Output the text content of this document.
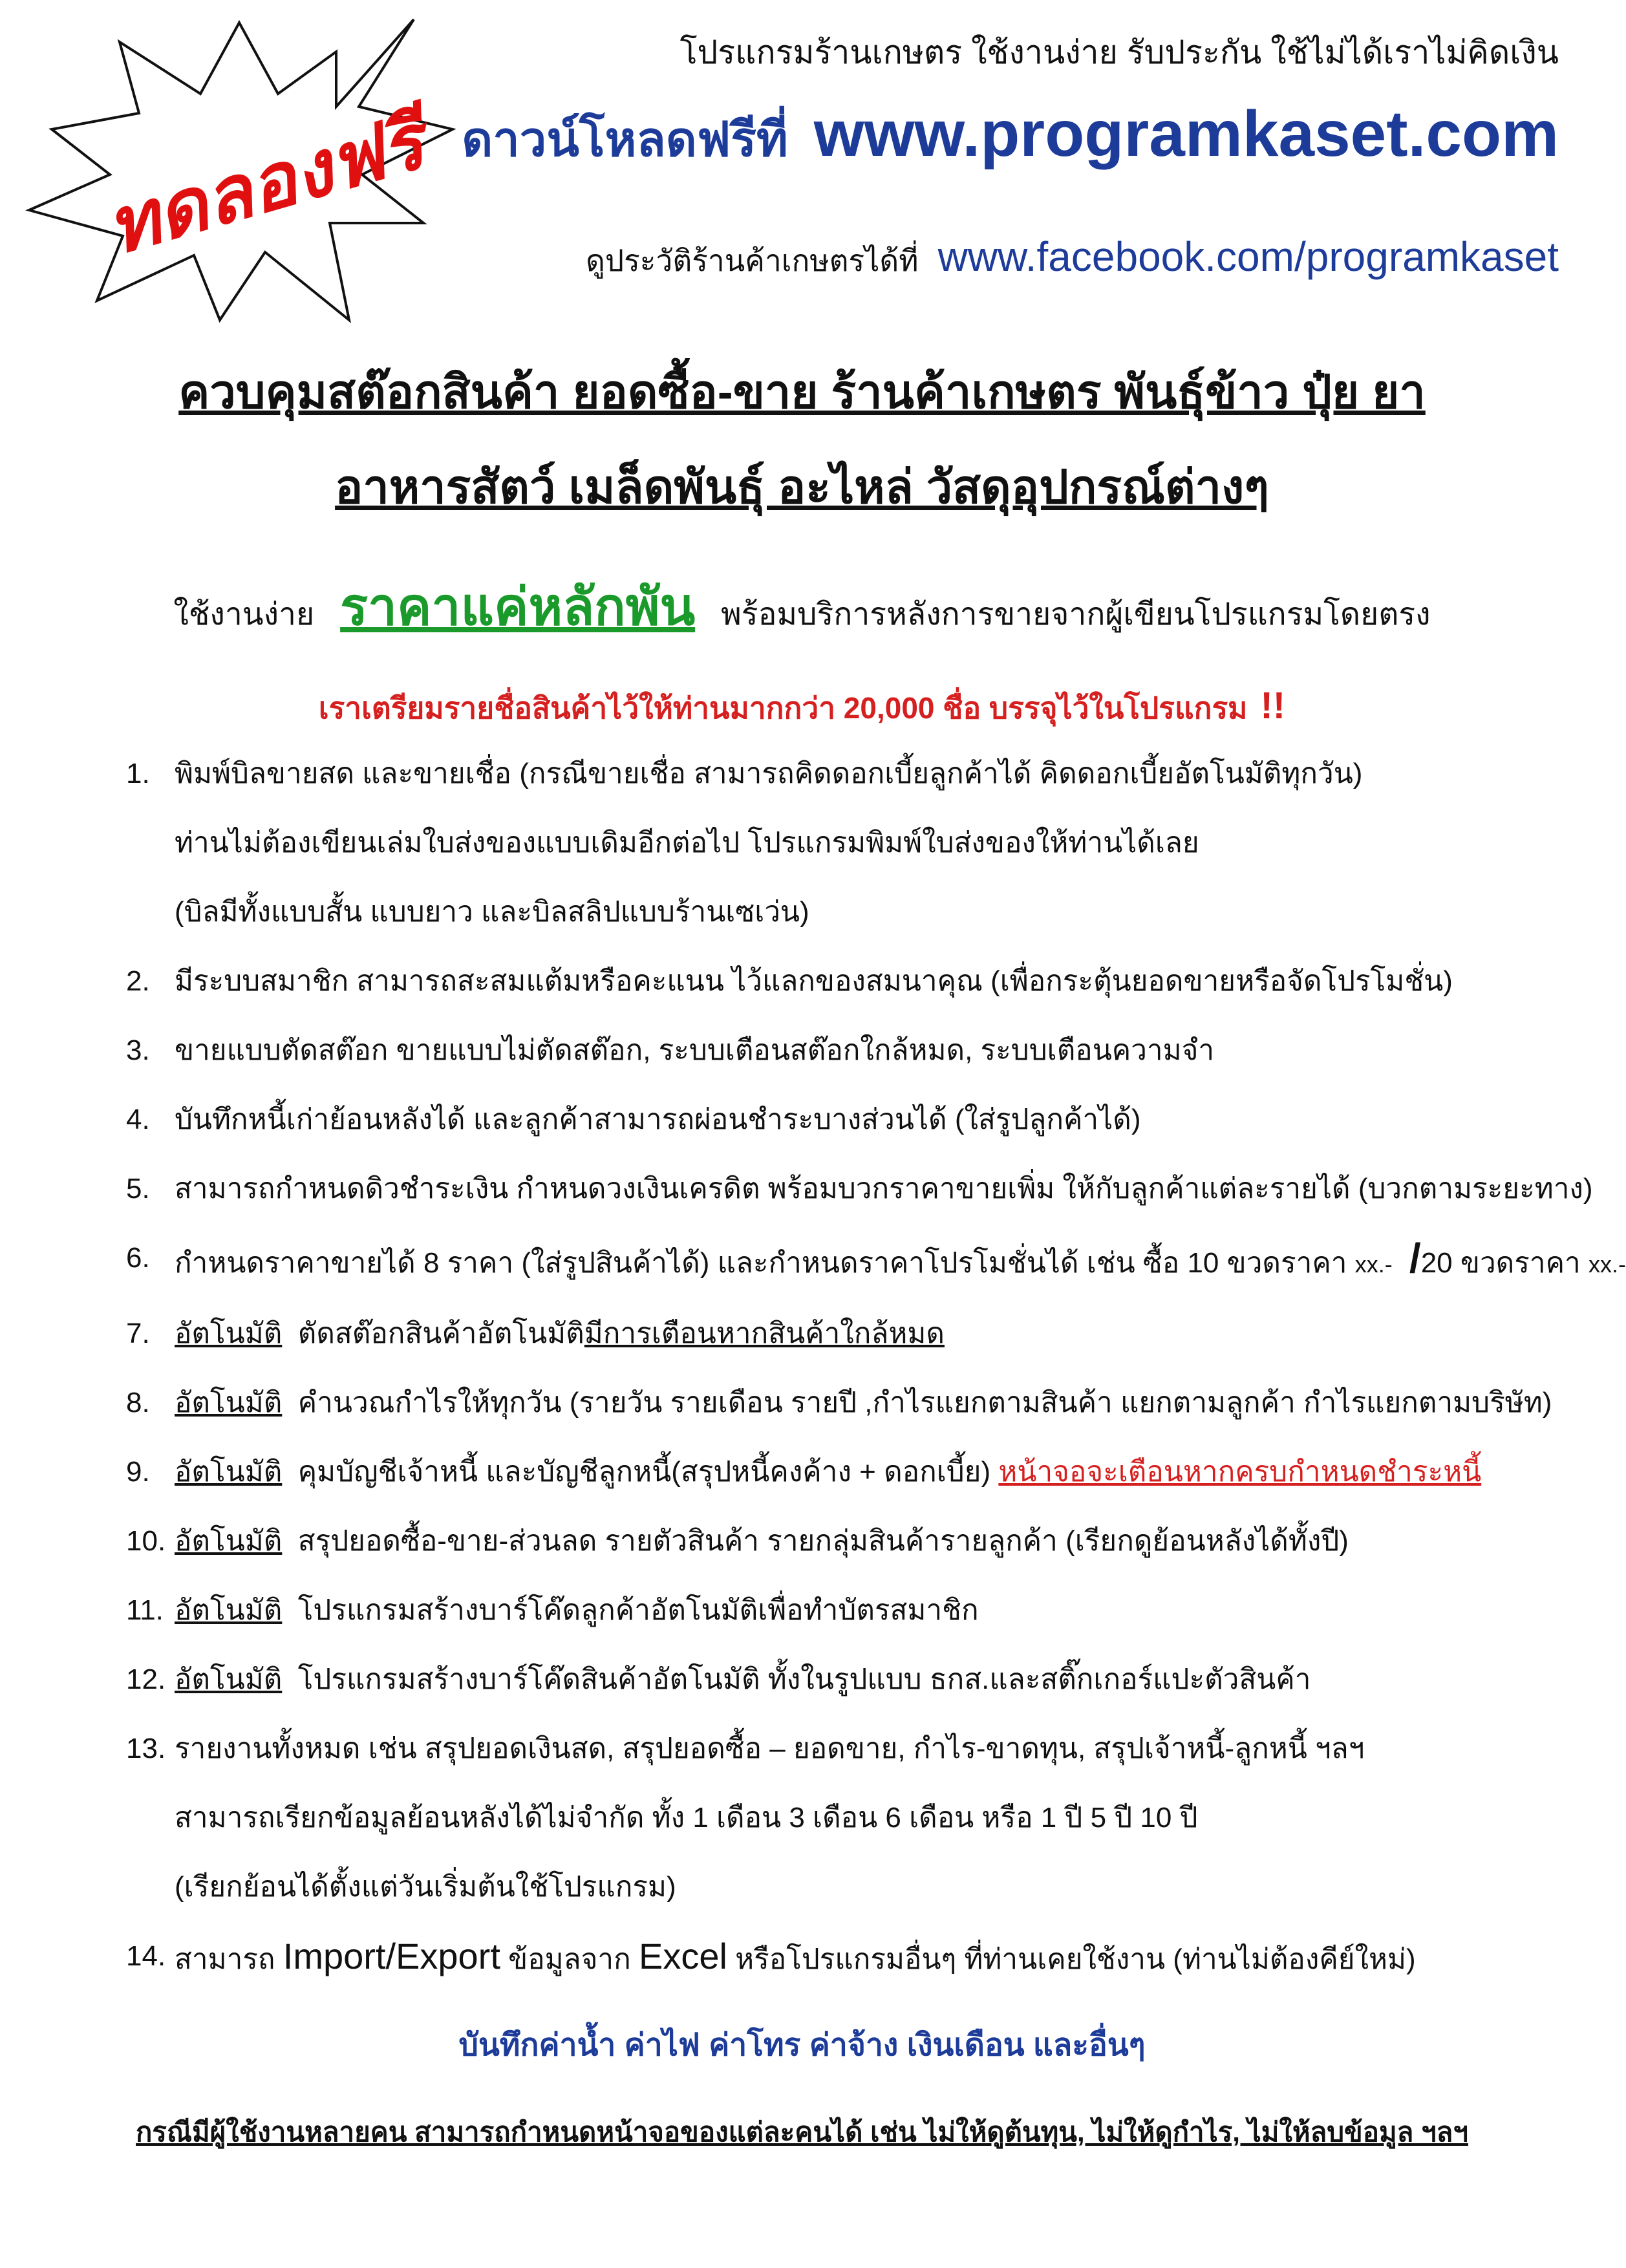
ทดลองฟรี
โปรแกรมร้านเกษตร ใช้งานง่าย รับประกัน ใช้ไม่ได้เราไม่คิดเงิน
ดาวน์โหลดฟรีที่ www.programkaset.com
ดูประวัติร้านค้าเกษตรได้ที่ www.facebook.com/programkaset
ควบคุมสต๊อกสินค้า ยอดซื้อ-ขาย ร้านค้าเกษตร พันธุ์ข้าว ปุ๋ย ยา
อาหารสัตว์ เมล็ดพันธุ์ อะไหล่ วัสดุอุปกรณ์ต่างๆ
ใช้งานง่าย ราคาแค่หลักพัน พร้อมบริการหลังการขายจากผู้เขียนโปรแกรมโดยตรง
เราเตรียมรายชื่อสินค้าไว้ให้ท่านมากกว่า 20,000 ชื่อ บรรจุไว้ในโปรแกรม !!
1. พิมพ์บิลขายสด และขายเชื่อ (กรณีขายเชื่อ สามารถคิดดอกเบี้ยลูกค้าได้ คิดดอกเบี้ยอัตโนมัติทุกวัน)
ท่านไม่ต้องเขียนเล่มใบส่งของแบบเดิมอีกต่อไป โปรแกรมพิมพ์ใบส่งของให้ท่านได้เลย
(บิลมีทั้งแบบสั้น แบบยาว และบิลสลิปแบบร้านเซเว่น)
2. มีระบบสมาชิก สามารถสะสมแต้มหรือคะแนน ไว้แลกของสมนาคุณ (เพื่อกระตุ้นยอดขายหรือจัดโปรโมชั่น)
3. ขายแบบตัดสต๊อก ขายแบบไม่ตัดสต๊อก, ระบบเตือนสต๊อกใกล้หมด, ระบบเตือนความจำ
4. บันทึกหนี้เก่าย้อนหลังได้ และลูกค้าสามารถผ่อนชำระบางส่วนได้ (ใส่รูปลูกค้าได้)
5. สามารถกำหนดดิวชำระเงิน กำหนดวงเงินเครดิต พร้อมบวกราคาขายเพิ่ม ให้กับลูกค้าแต่ละรายได้ (บวกตามระยะทาง)
6. กำหนดราคาขายได้ 8 ราคา (ใส่รูปสินค้าได้) และกำหนดราคาโปรโมชั่นได้ เช่น ซื้อ 10 ขวดราคา xx.- /20 ขวดราคา xx.-
7. อัตโนมัติ ตัดสต๊อกสินค้าอัตโนมัติมีการเตือนหากสินค้าใกล้หมด
8. อัตโนมัติ คำนวณกำไรให้ทุกวัน (รายวัน รายเดือน รายปี ,กำไรแยกตามสินค้า แยกตามลูกค้า กำไรแยกตามบริษัท)
9. อัตโนมัติ คุมบัญชีเจ้าหนี้ และบัญชีลูกหนี้(สรุปหนี้คงค้าง + ดอกเบี้ย) หน้าจอจะเตือนหากครบกำหนดชำระหนี้
10. อัตโนมัติ สรุปยอดซื้อ-ขาย-ส่วนลด รายตัวสินค้า รายกลุ่มสินค้ารายลูกค้า (เรียกดูย้อนหลังได้ทั้งปี)
11. อัตโนมัติ โปรแกรมสร้างบาร์โค๊ดลูกค้าอัตโนมัติเพื่อทำบัตรสมาชิก
12. อัตโนมัติ โปรแกรมสร้างบาร์โค๊ดสินค้าอัตโนมัติ ทั้งในรูปแบบ ธกส.และสติ๊กเกอร์แปะตัวสินค้า
13. รายงานทั้งหมด เช่น สรุปยอดเงินสด, สรุปยอดซื้อ – ยอดขาย, กำไร-ขาดทุน, สรุปเจ้าหนี้-ลูกหนี้ ฯลฯ
สามารถเรียกข้อมูลย้อนหลังได้ไม่จำกัด ทั้ง 1 เดือน 3 เดือน 6 เดือน หรือ 1 ปี 5 ปี 10 ปี
(เรียกย้อนได้ตั้งแต่วันเริ่มต้นใช้โปรแกรม)
14. สามารถ Import/Export ข้อมูลจาก Excel หรือโปรแกรมอื่นๆ ที่ท่านเคยใช้งาน (ท่านไม่ต้องคีย์ใหม่)
บันทึกค่าน้ำ ค่าไฟ ค่าโทร ค่าจ้าง เงินเดือน และอื่นๆ
กรณีมีผู้ใช้งานหลายคน สามารถกำหนดหน้าจอของแต่ละคนได้ เช่น ไม่ให้ดูต้นทุน, ไม่ให้ดูกำไร, ไม่ให้ลบข้อมูล ฯลฯ
